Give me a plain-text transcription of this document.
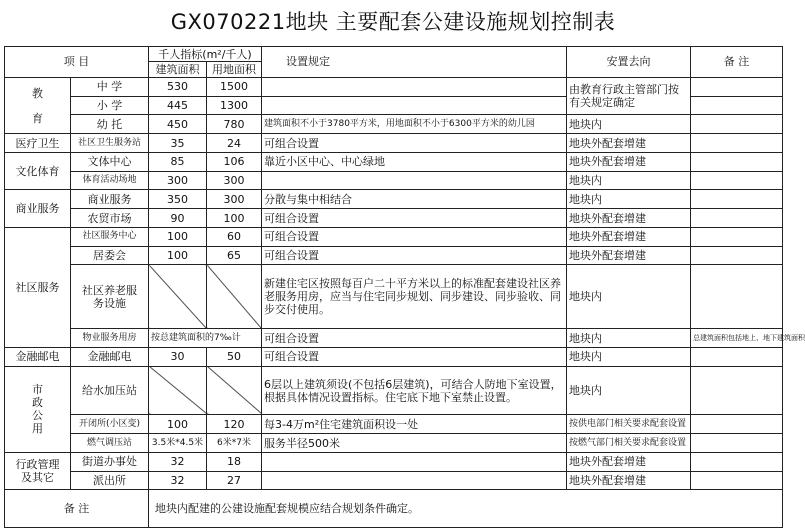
GX070221地块 主要配套公建设施规划控制表
项 目		千人指标(m²/千人)		设置规定	安置去向	备 注
		建筑面积	用地面积			

教
育	中 学	530	1500		由教育行政主管部门按有关规定确定	
	小 学	445	1300			
	幼 托	450	780	建筑面积不小于3780平方米，用地面积不小于6300平方米的幼儿园	地块内	
医疗卫生	社区卫生服务站	35	24	可组合设置	地块外配套增建	
文化体育	文体中心	85	106	靠近小区中心、中心绿地	地块外配套增建	
	体育活动场地	300	300		地块内	
商业服务	商业服务	350	300	分散与集中相结合	地块内	
	农贸市场	90	100	可组合设置	地块外配套增建	
社区服务	社区服务中心	100	60	可组合设置	地块外配套增建	
	居委会	100	65	可组合设置	地块外配套增建	
	社区养老服务设施			新建住宅区按照每百户二十平方米以上的标准配套建设社区养老服务用房，应当与住宅同步规划、同步建设、同步验收、同步交付使用。	地块内	
	物业服务用房	按总建筑面积的7‰计		可组合设置	地块内	总建筑面积包括地上、地下建筑面积
金融邮电	金融邮电	30	50	可组合设置	地块内	

市
政
公
用	给水加压站			6层以上建筑须设(不包括6层建筑)，可结合人防地下室设置，根据具体情况设置指标。住宅底下地下室禁止设置。	地块内	
	开闭所(小区变)	100	120	每3-4万m²住宅建筑面积设一处	按供电部门相关要求配套设置	
	燃气调压站	3.5米*4.5米	6米*7米	服务半径500米	按燃气部门相关要求配套设置	

行政管理
及其它	街道办事处	32	18		地块外配套增建	
	派出所	32	27		地块外配套增建	
备 注		地块内配建的公建设施配套规模应结合规划条件确定。				
